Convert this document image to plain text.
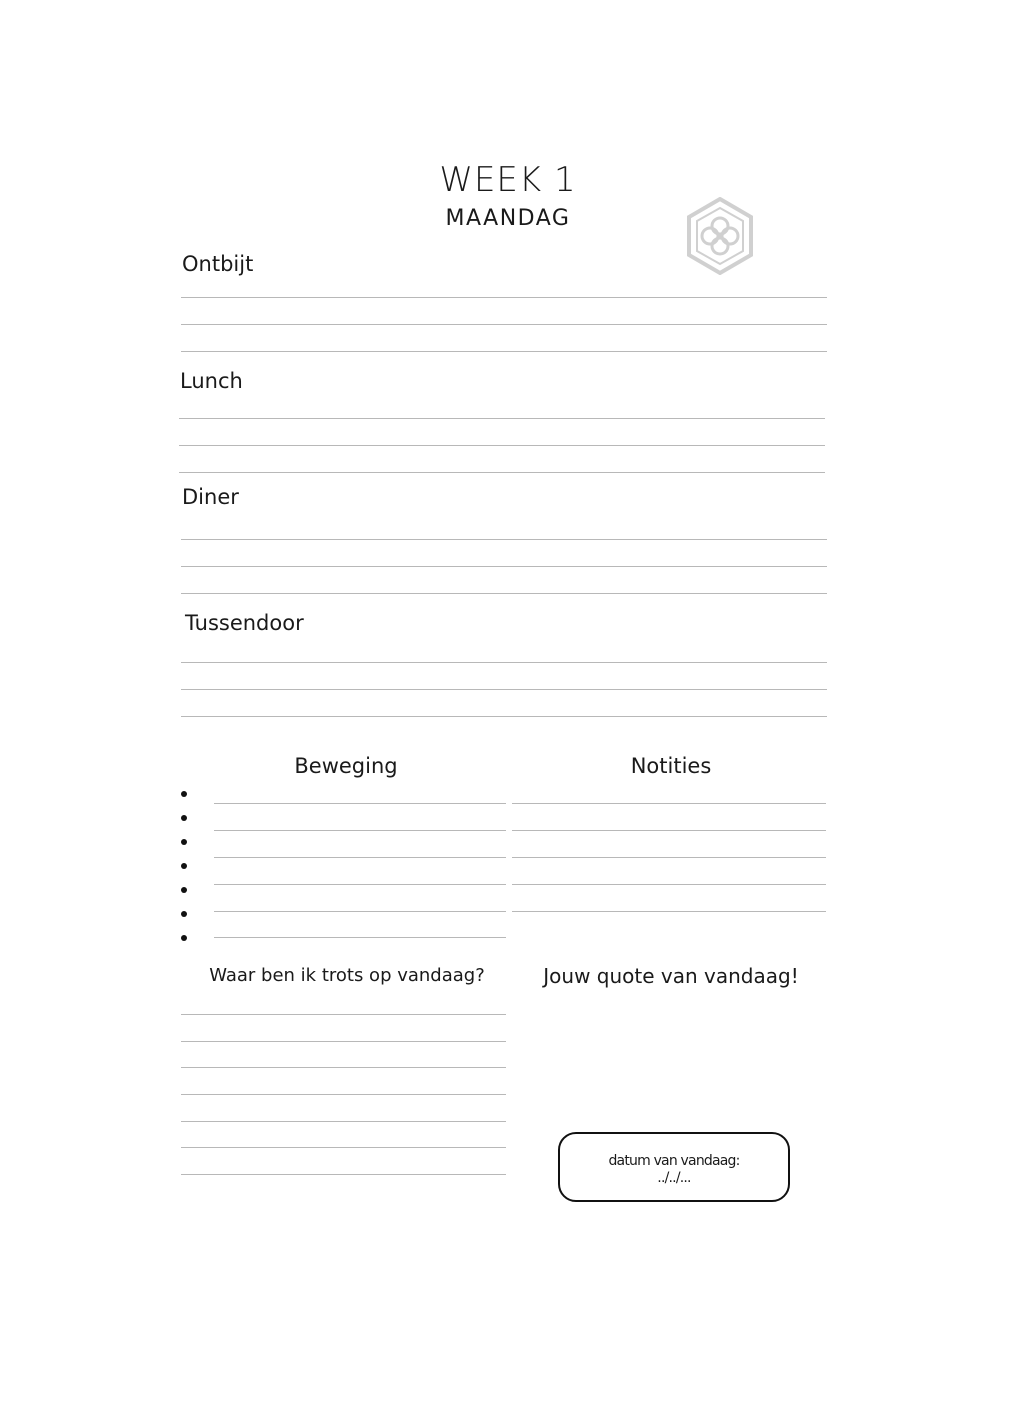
WEEK 1
MAANDAG
Ontbijt
Lunch
Diner
Tussendoor
Beweging	Notities
Waar ben ik trots op vandaag?	Jouw quote van vandaag!
datum van vandaag:
../../...
